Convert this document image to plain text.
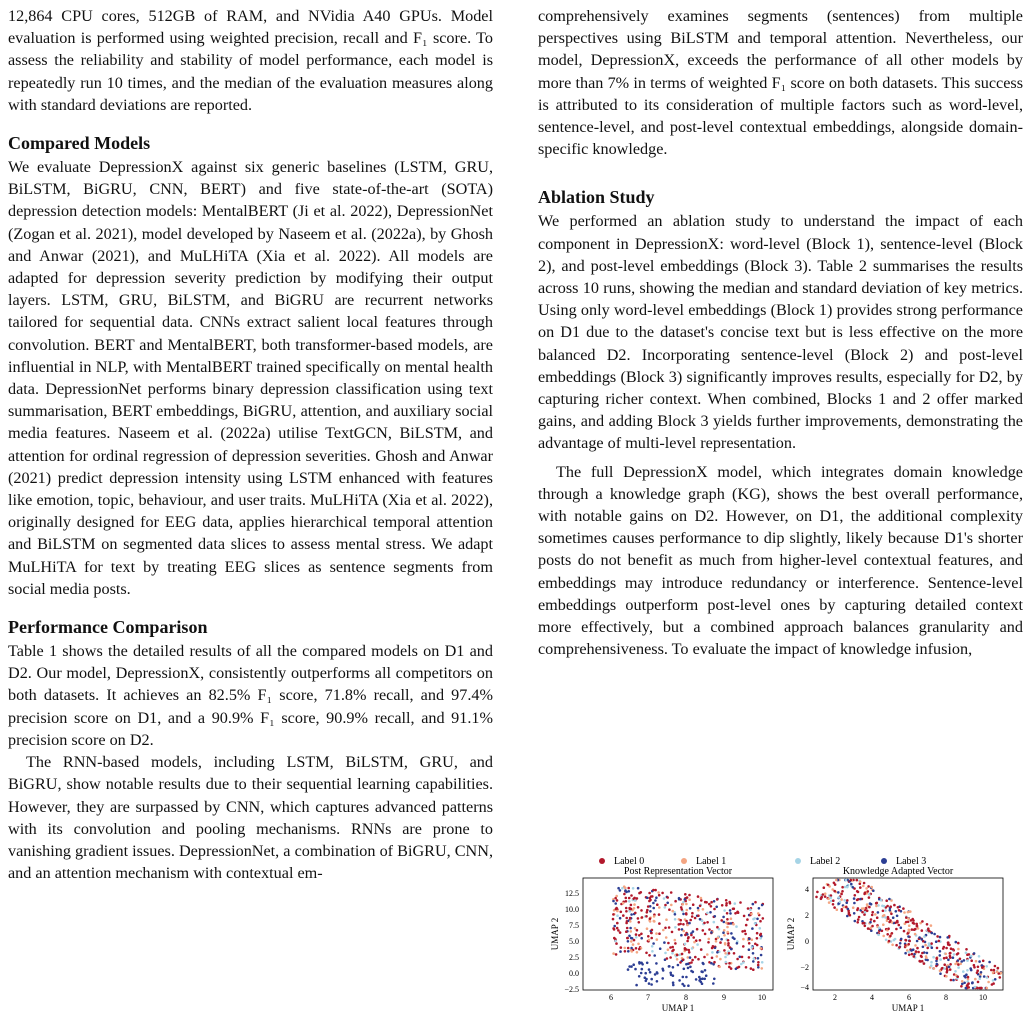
12,864 CPU cores, 512GB of RAM, and NVidia A40 GPUs. Model evaluation is performed using weighted precision, recall and F₁ score. To assess the reliability and stability of model performance, each model is repeatedly run 10 times, and the median of the evaluation measures along with standard deviations are reported.

Compared Models

We evaluate DepressionX against six generic baselines (LSTM, GRU, BiLSTM, BiGRU, CNN, BERT) and five state-of-the-art (SOTA) depression detection models: MentalBERT (Ji et al. 2022), DepressionNet (Zogan et al. 2021), model developed by Naseem et al. (2022a), by Ghosh and Anwar (2021), and MuLHiTA (Xia et al. 2022). All models are adapted for depression severity prediction by modifying their output layers. LSTM, GRU, BiLSTM, and BiGRU are recurrent networks tailored for sequential data. CNNs extract salient local features through convolution. BERT and MentalBERT, both transformer-based models, are influential in NLP, with MentalBERT trained specifically on mental health data. DepressionNet performs binary depression classification using text summarisation, BERT embeddings, BiGRU, attention, and auxiliary social media features. Naseem et al. (2022a) utilise TextGCN, BiLSTM, and attention for ordinal regression of depression severities. Ghosh and Anwar (2021) predict depression intensity using LSTM enhanced with features like emotion, topic, behaviour, and user traits. MuLHiTA (Xia et al. 2022), originally designed for EEG data, applies hierarchical temporal attention and BiLSTM on segmented data slices to assess mental stress. We adapt MuLHiTA for text by treating EEG slices as sentence segments from social media posts.

Performance Comparison

Table 1 shows the detailed results of all the compared models on D1 and D2. Our model, DepressionX, consistently outperforms all competitors on both datasets. It achieves an 82.5% F₁ score, 71.8% recall, and 97.4% precision score on D1, and a 90.9% F₁ score, 90.9% recall, and 91.1% precision score on D2.

The RNN-based models, including LSTM, BiLSTM, GRU, and BiGRU, show notable results due to their sequential learning capabilities. However, they are surpassed by CNN, which captures advanced patterns with its convolution and pooling mechanisms. RNNs are prone to vanishing gradient issues. DepressionNet, a combination of BiGRU, CNN, and an attention mechanism with contextual em-

comprehensively examines segments (sentences) from multiple perspectives using BiLSTM and temporal attention. Nevertheless, our model, DepressionX, exceeds the performance of all other models by more than 7% in terms of weighted F₁ score on both datasets. This success is attributed to its consideration of multiple factors such as word-level, sentence-level, and post-level contextual embeddings, alongside domain-specific knowledge.

Ablation Study

We performed an ablation study to understand the impact of each component in DepressionX: word-level (Block 1), sentence-level (Block 2), and post-level embeddings (Block 3). Table 2 summarises the results across 10 runs, showing the median and standard deviation of key metrics. Using only word-level embeddings (Block 1) provides strong performance on D1 due to the dataset's concise text but is less effective on the more balanced D2. Incorporating sentence-level (Block 2) and post-level embeddings (Block 3) significantly improves results, especially for D2, by capturing richer context. When combined, Blocks 1 and 2 offer marked gains, and adding Block 3 yields further improvements, demonstrating the advantage of multi-level representation.

The full DepressionX model, which integrates domain knowledge through a knowledge graph (KG), shows the best overall performance, with notable gains on D2. However, on D1, the additional complexity sometimes causes performance to dip slightly, likely because D1's shorter posts do not benefit as much from higher-level contextual features, and embeddings may introduce redundancy or interference. Sentence-level embeddings outperform post-level ones by capturing detailed context more effectively, but a combined approach balances granularity and comprehensiveness. To evaluate the impact of knowledge infusion,

Label 0	Label 1	Label 2	Label 3
Post Representation Vector
12.5
10.0
7.5
5.0
2.5
0.0
−2.5
6	7	8	9	10
UMAP 1
UMAP 2
Knowledge Adapted Vector
4
2
0
−2
−4
2	4	6	8	10
UMAP 1
UMAP 2
